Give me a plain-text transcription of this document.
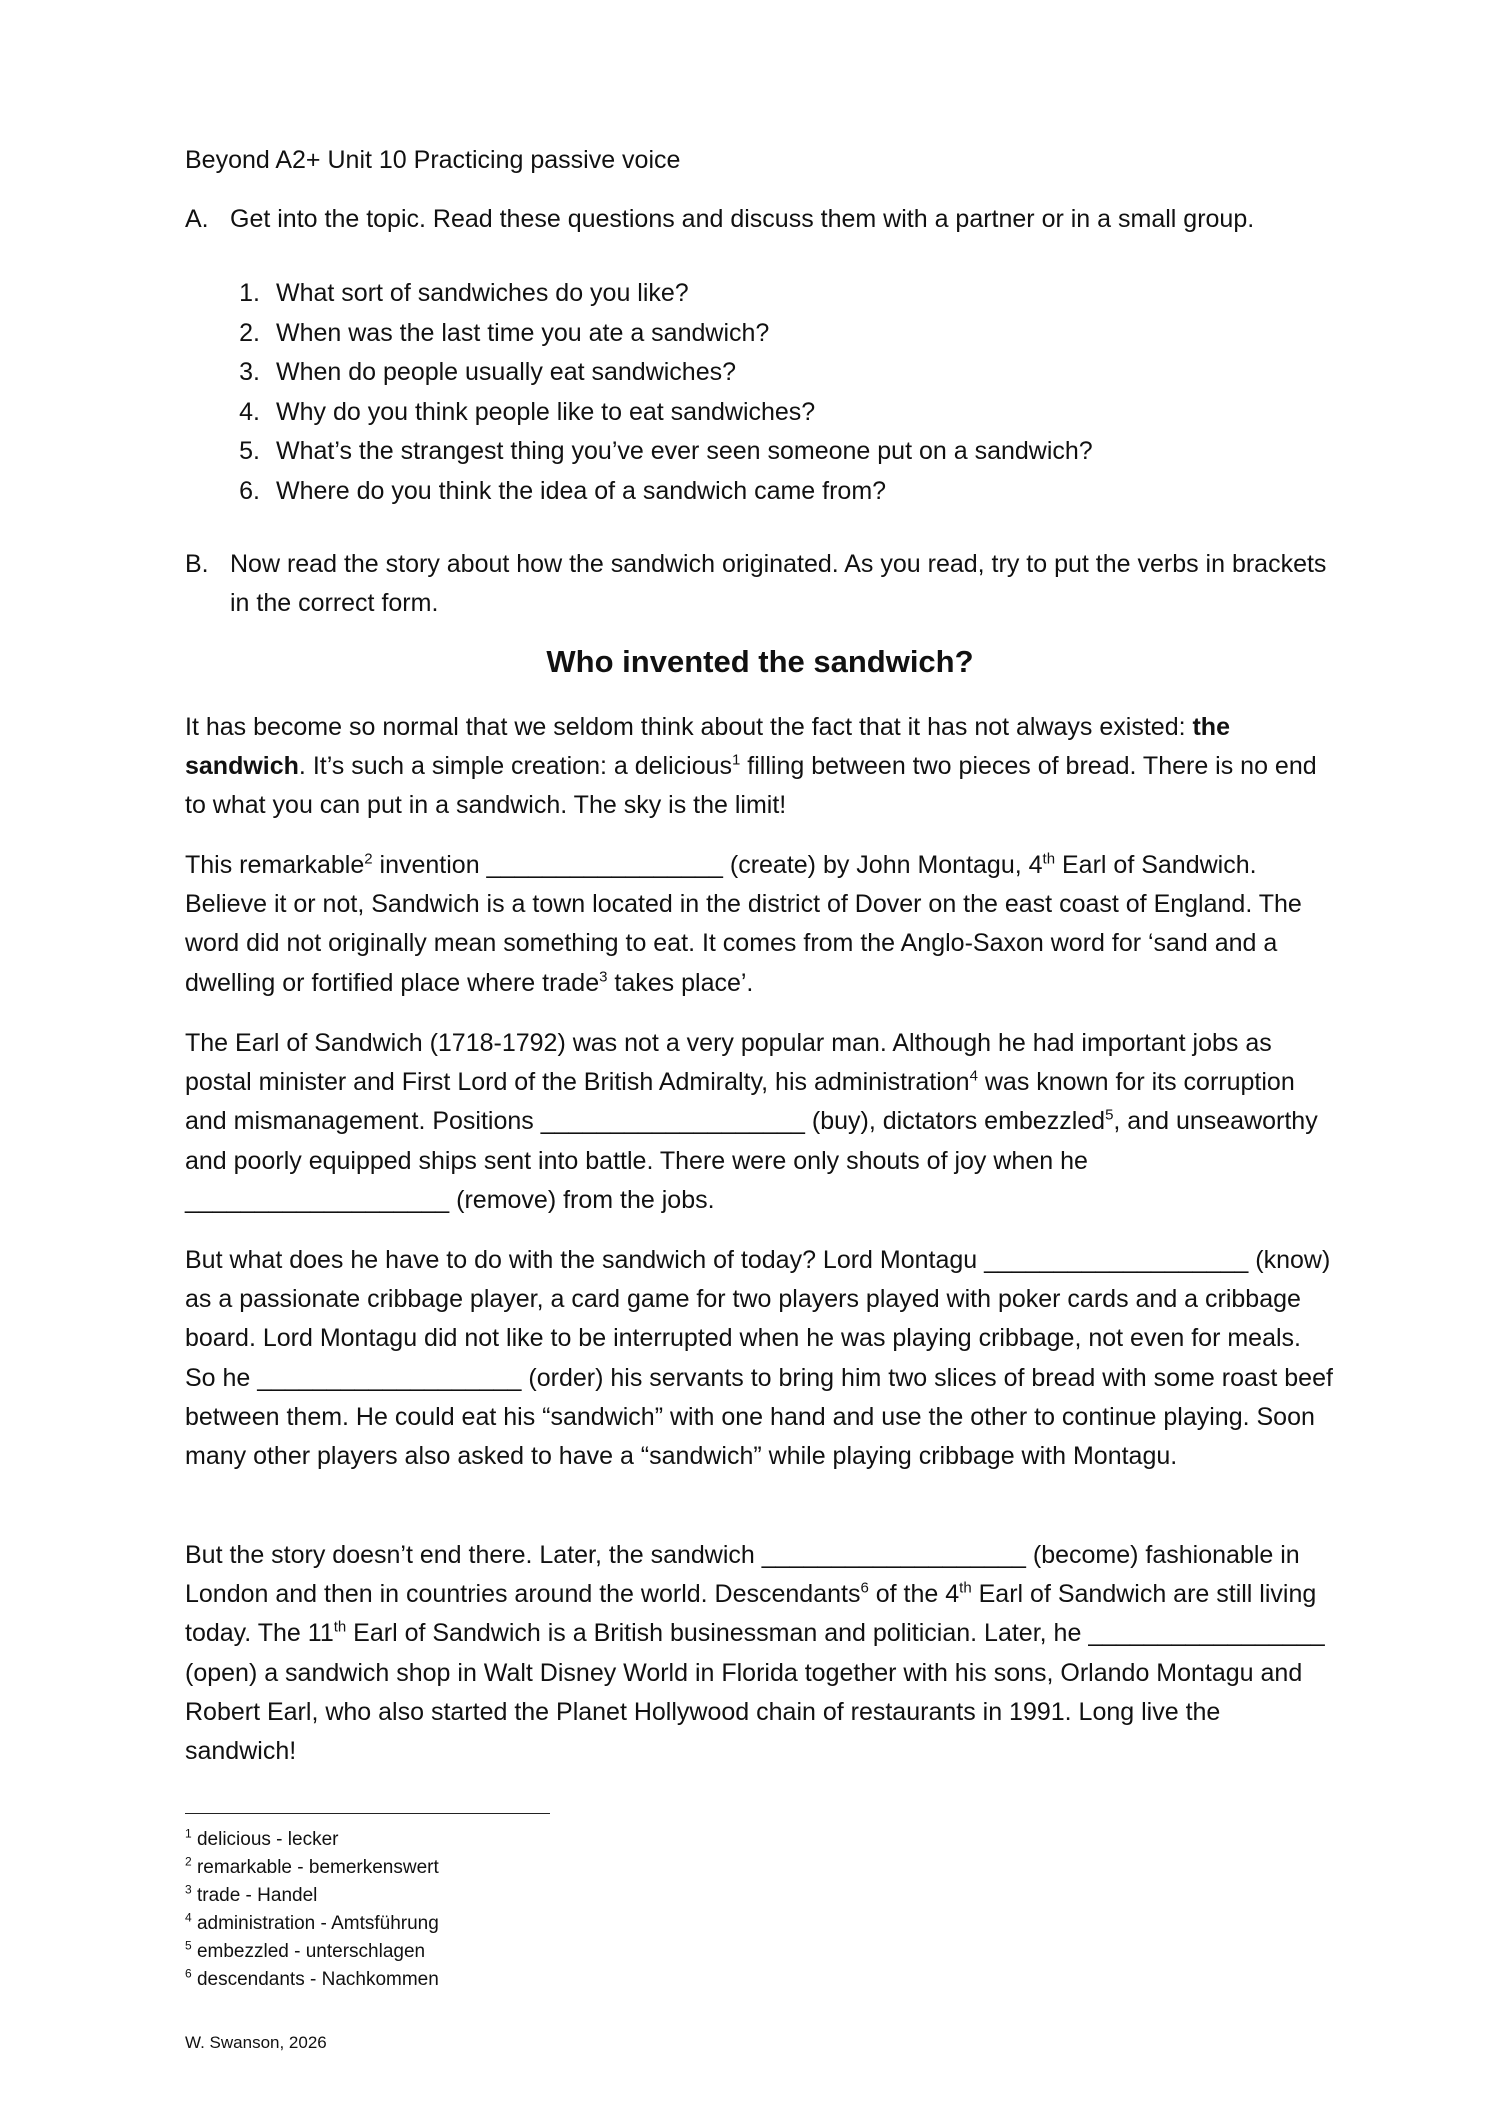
Beyond A2+ Unit 10 Practicing passive voice
A. Get into the topic. Read these questions and discuss them with a partner or in a small group.
1. What sort of sandwiches do you like?
2. When was the last time you ate a sandwich?
3. When do people usually eat sandwiches?
4. Why do you think people like to eat sandwiches?
5. What’s the strangest thing you’ve ever seen someone put on a sandwich?
6. Where do you think the idea of a sandwich came from?
B. Now read the story about how the sandwich originated. As you read, try to put the verbs in brackets in the correct form.
Who invented the sandwich?

It has become so normal that we seldom think about the fact that it has not always existed: the sandwich. It’s such a simple creation: a delicious$^1$ filling between two pieces of bread. There is no end to what you can put in a sandwich. The sky is the limit!

This remarkable$^2$ invention _________________ (create) by John Montagu, 4th Earl of Sandwich. Believe it or not, Sandwich is a town located in the district of Dover on the east coast of England. The word did not originally mean something to eat. It comes from the Anglo-Saxon word for ‘sand and a dwelling or fortified place where trade$^3$ takes place’.

The Earl of Sandwich (1718-1792) was not a very popular man. Although he had important jobs as postal minister and First Lord of the British Admiralty, his administration$^4$ was known for its corruption and mismanagement. Positions ___________________ (buy), dictators embezzled$^5$, and unseaworthy and poorly equipped ships sent into battle. There were only shouts of joy when he ___________________ (remove) from the jobs.

But what does he have to do with the sandwich of today? Lord Montagu ___________________ (know) as a passionate cribbage player, a card game for two players played with poker cards and a cribbage board. Lord Montagu did not like to be interrupted when he was playing cribbage, not even for meals. So he ___________________ (order) his servants to bring him two slices of bread with some roast beef between them. He could eat his “sandwich” with one hand and use the other to continue playing. Soon many other players also asked to have a “sandwich” while playing cribbage with Montagu.

But the story doesn’t end there. Later, the sandwich ___________________ (become) fashionable in London and then in countries around the world. Descendants$^6$ of the 4th Earl of Sandwich are still living today. The 11th Earl of Sandwich is a British businessman and politician. Later, he _________________ (open) a sandwich shop in Walt Disney World in Florida together with his sons, Orlando Montagu and Robert Earl, who also started the Planet Hollywood chain of restaurants in 1991. Long live the sandwich!

$^1$ delicious - lecker
$^2$ remarkable - bemerkenswert
$^3$ trade - Handel
$^4$ administration - Amtsführung
$^5$ embezzled - unterschlagen
$^6$ descendants - Nachkommen
W. Swanson, 2026
